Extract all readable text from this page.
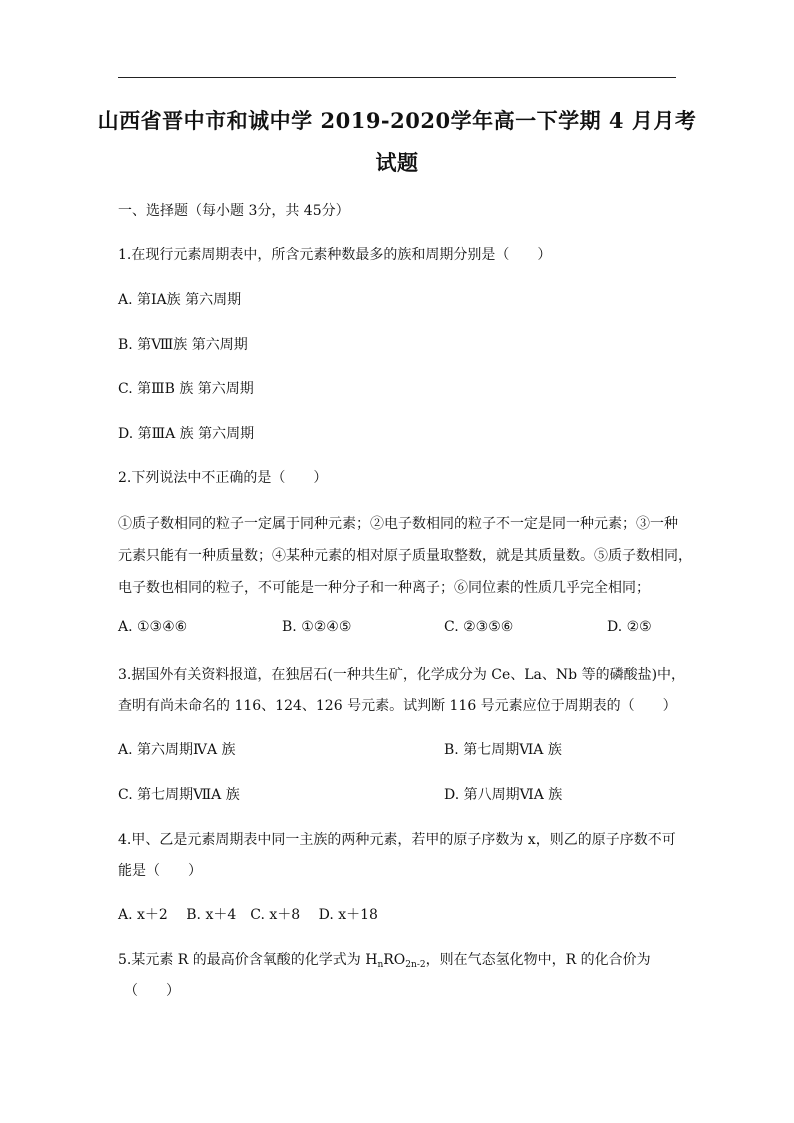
山西省晋中市和诚中学 2019-2020学年高一下学期 4 月月考
试题
一、选择题（每小题 3分，共 45分）
1.在现行元素周期表中，所含元素种数最多的族和周期分别是（　　）
A. 第ⅠA族 第六周期
B. 第Ⅷ族 第六周期
C. 第ⅢB 族 第六周期
D. 第ⅢA 族 第六周期
2.下列说法中不正确的是（　　）
①质子数相同的粒子一定属于同种元素；②电子数相同的粒子不一定是同一种元素；③一种
元素只能有一种质量数；④某种元素的相对原子质量取整数，就是其质量数。⑤质子数相同，
电子数也相同的粒子，不可能是一种分子和一种离子；⑥同位素的性质几乎完全相同；
A. ①③④⑥	B. ①②④⑤	C. ②③⑤⑥	D. ②⑤
3.据国外有关资料报道，在独居石(一种共生矿，化学成分为 Ce、La、Nb 等的磷酸盐)中，
查明有尚未命名的 116、124、126 号元素。试判断 116 号元素应位于周期表的（　　）
A. 第六周期ⅣA 族	B. 第七周期ⅥA 族
C. 第七周期ⅦA 族	D. 第八周期ⅥA 族
4.甲、乙是元素周期表中同一主族的两种元素，若甲的原子序数为 x，则乙的原子序数不可
能是（　　）
A. x＋2　 B. x＋4　C. x＋8　 D. x＋18
5.某元素 R 的最高价含氧酸的化学式为 $H_nRO_{2n-2}$，则在气态氢化物中，R 的化合价为
（　　）
